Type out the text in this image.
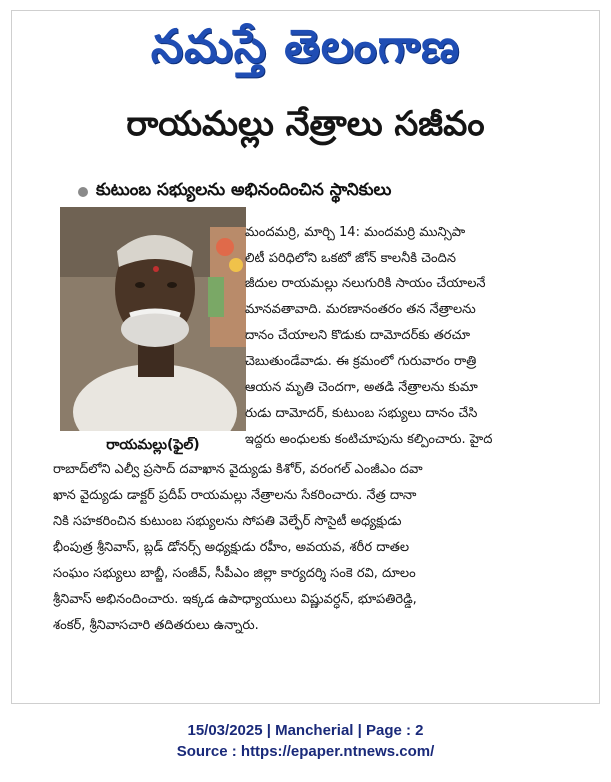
నమస్తే తెలంగాణ
రాయమల్లు నేత్రాలు సజీవం
కుటుంబ సభ్యులను అభినందించిన స్థానికులు
రాయమల్లు(ఫైల్)
మందమర్రి, మార్చి 14: మందమర్రి మున్సిపా
లిటీ పరిధిలోని ఒకటో జోన్ కాలనీకి చెందిన
జీదుల రాయమల్లు నలుగురికి సాయం చేయాలనే
మానవతావాది. మరణానంతరం తన నేత్రాలను
దానం చేయాలని కొడుకు దామోదర్‌కు తరచూ
చెబుతుండేవాడు. ఈ క్రమంలో గురువారం రాత్రి
ఆయన మృతి చెందగా, అతడి నేత్రాలను కుమా
రుడు దామోదర్, కుటుంబ సభ్యులు దానం చేసి
ఇద్దరు అంధులకు కంటిచూపును కల్పించారు. హైద
రాబాద్‌లోని ఎల్వీ ప్రసాద్ దవాఖాన వైద్యుడు కిశోర్, వరంగల్ ఎంజీఎం దవా
ఖాన వైద్యుడు డాక్టర్ ప్రదీప్ రాయమల్లు నేత్రాలను సేకరించారు. నేత్ర దానా
నికి సహకరించిన కుటుంబ సభ్యులను సోపతి వెల్ఫేర్ సొసైటీ అధ్యక్షుడు
భీంపుత్ర శ్రీనివాస్, బ్లడ్ డోనర్స్ అధ్యక్షుడు రహీం, అవయవ, శరీర దాతల
సంఘం సభ్యులు బాబ్జీ, సంజీవ్, సీపీఎం జిల్లా కార్యదర్శి సంకె రవి, దూలం
శ్రీనివాస్ అభినందించారు. ఇక్కడ ఉపాధ్యాయులు విష్ణువర్ధన్, భూపతిరెడ్డి,
శంకర్, శ్రీనివాసచారి తదితరులు ఉన్నారు.
15/03/2025 | Mancherial | Page : 2
Source : https://epaper.ntnews.com/
